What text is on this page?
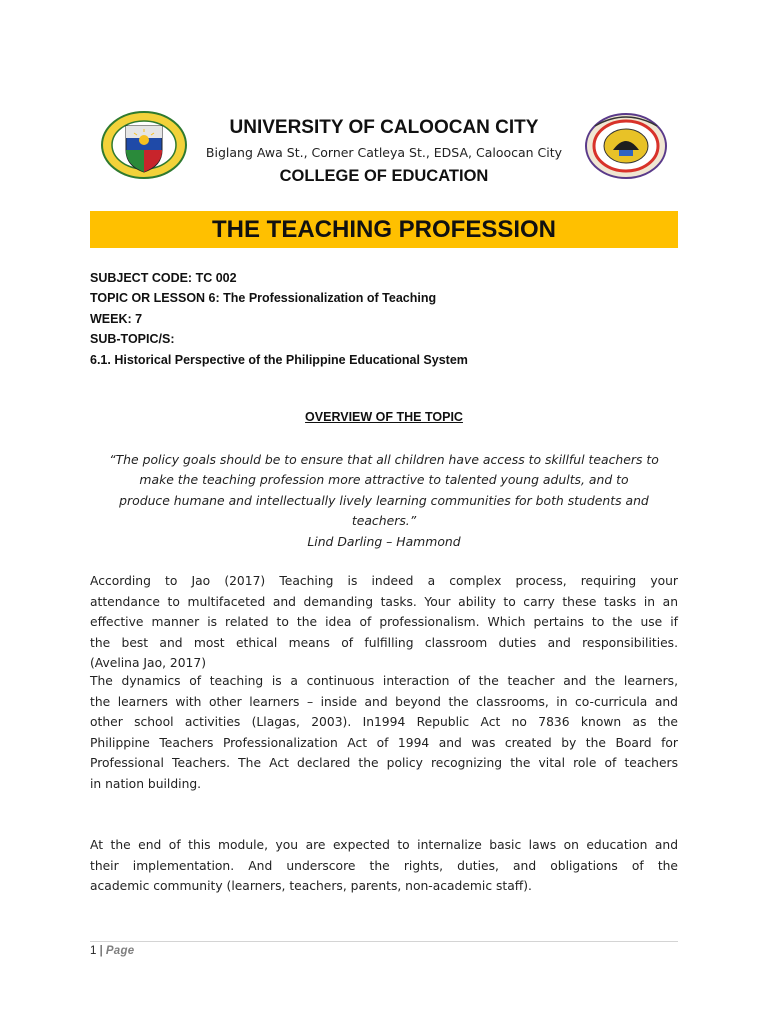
UNIVERSITY OF CALOOCAN CITY
Biglang Awa St., Corner Catleya St., EDSA, Caloocan City
COLLEGE OF EDUCATION
THE TEACHING PROFESSION
SUBJECT CODE: TC 002
TOPIC OR LESSON 6: The Professionalization of Teaching
WEEK: 7
SUB-TOPIC/S:
6.1. Historical Perspective of the Philippine Educational System
OVERVIEW OF THE TOPIC
“The policy goals should be to ensure that all children have access to skillful teachers to
make the teaching profession more attractive to talented young adults, and to
produce humane and intellectually lively learning communities for both students and
teachers.”
Lind Darling – Hammond
According to Jao (2017) Teaching is indeed a complex process, requiring your
attendance to multifaceted and demanding tasks. Your ability to carry these tasks in an
effective manner is related to the idea of professionalism. Which pertains to the use if
the best and most ethical means of fulfilling classroom duties and responsibilities.
(Avelina Jao, 2017)
The dynamics of teaching is a continuous interaction of the teacher and the learners,
the learners with other learners – inside and beyond the classrooms, in co-curricula and
other school activities (Llagas, 2003). In1994 Republic Act no 7836 known as the
Philippine Teachers Professionalization Act of 1994 and was created by the Board for
Professional Teachers. The Act declared the policy recognizing the vital role of teachers
in nation building.
At the end of this module, you are expected to internalize basic laws on education and
their implementation. And underscore the rights, duties, and obligations of the
academic community (learners, teachers, parents, non-academic staff).
1 | Page
